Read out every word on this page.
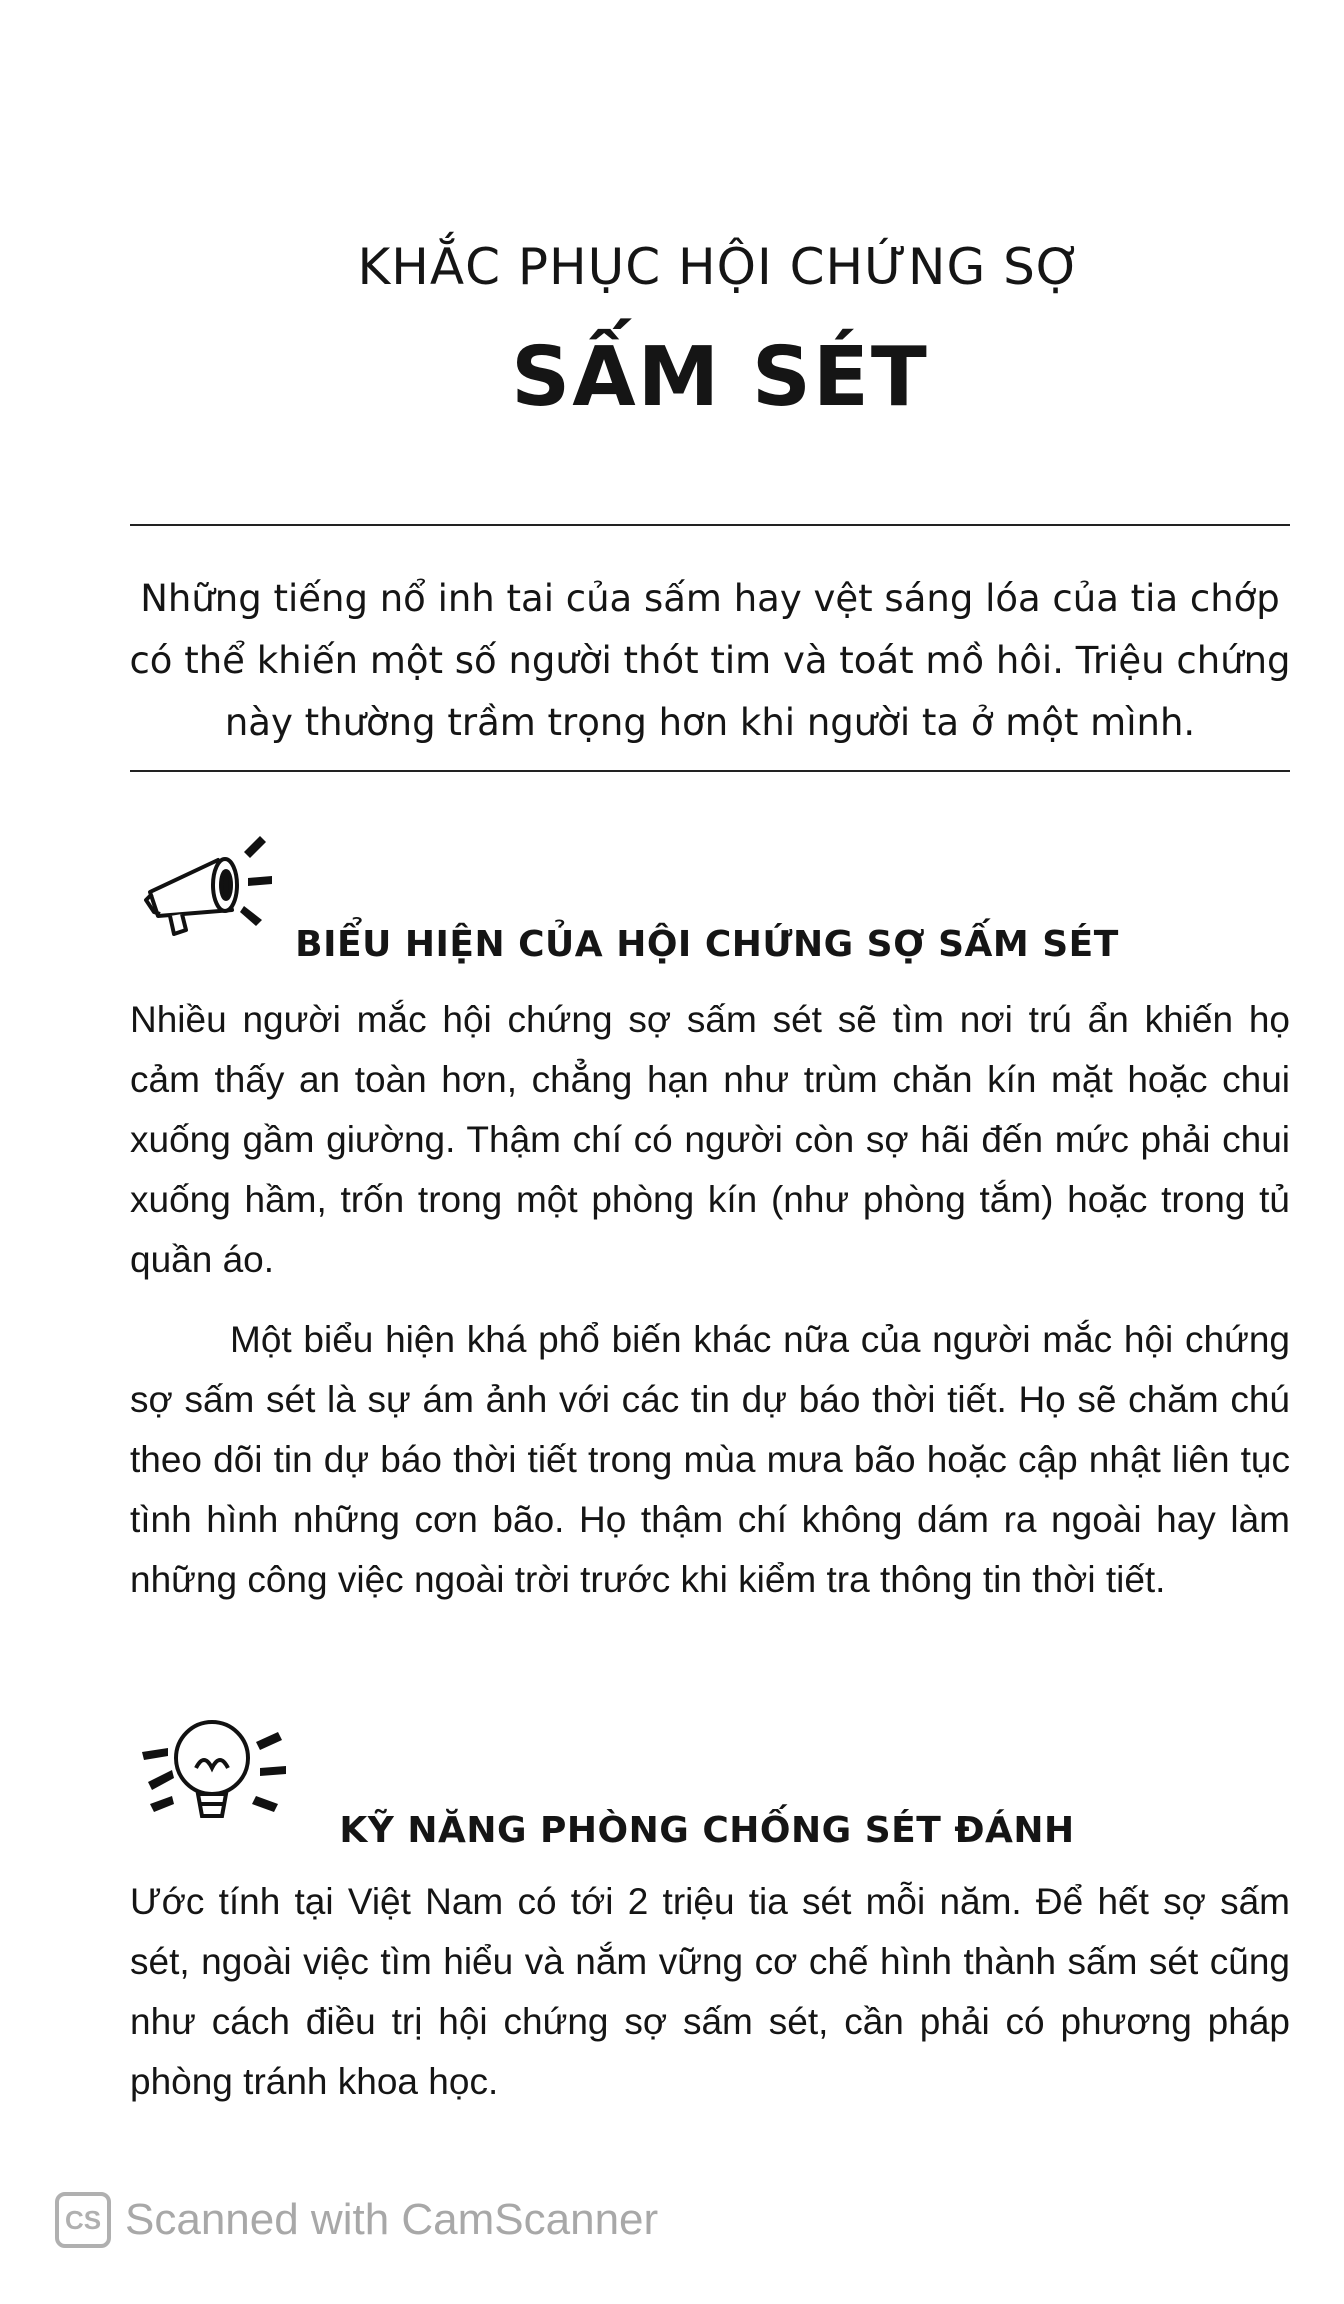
KHẮC PHỤC HỘI CHỨNG SỢ
SẤM SÉT
Những tiếng nổ inh tai của sấm hay vệt sáng lóa của tia chớp có thể khiến một số người thót tim và toát mồ hôi. Triệu chứng này thường trầm trọng hơn khi người ta ở một mình.
BIỂU HIỆN CỦA HỘI CHỨNG SỢ SẤM SÉT
Nhiều người mắc hội chứng sợ sấm sét sẽ tìm nơi trú ẩn khiến họ cảm thấy an toàn hơn, chẳng hạn như trùm chăn kín mặt hoặc chui xuống gầm giường. Thậm chí có người còn sợ hãi đến mức phải chui xuống hầm, trốn trong một phòng kín (như phòng tắm) hoặc trong tủ quần áo.
Một biểu hiện khá phổ biến khác nữa của người mắc hội chứng sợ sấm sét là sự ám ảnh với các tin dự báo thời tiết. Họ sẽ chăm chú theo dõi tin dự báo thời tiết trong mùa mưa bão hoặc cập nhật liên tục tình hình những cơn bão. Họ thậm chí không dám ra ngoài hay làm những công việc ngoài trời trước khi kiểm tra thông tin thời tiết.
KỸ NĂNG PHÒNG CHỐNG SÉT ĐÁNH
Ước tính tại Việt Nam có tới 2 triệu tia sét mỗi năm. Để hết sợ sấm sét, ngoài việc tìm hiểu và nắm vững cơ chế hình thành sấm sét cũng như cách điều trị hội chứng sợ sấm sét, cần phải có phương pháp phòng tránh khoa học.
CS Scanned with CamScanner
